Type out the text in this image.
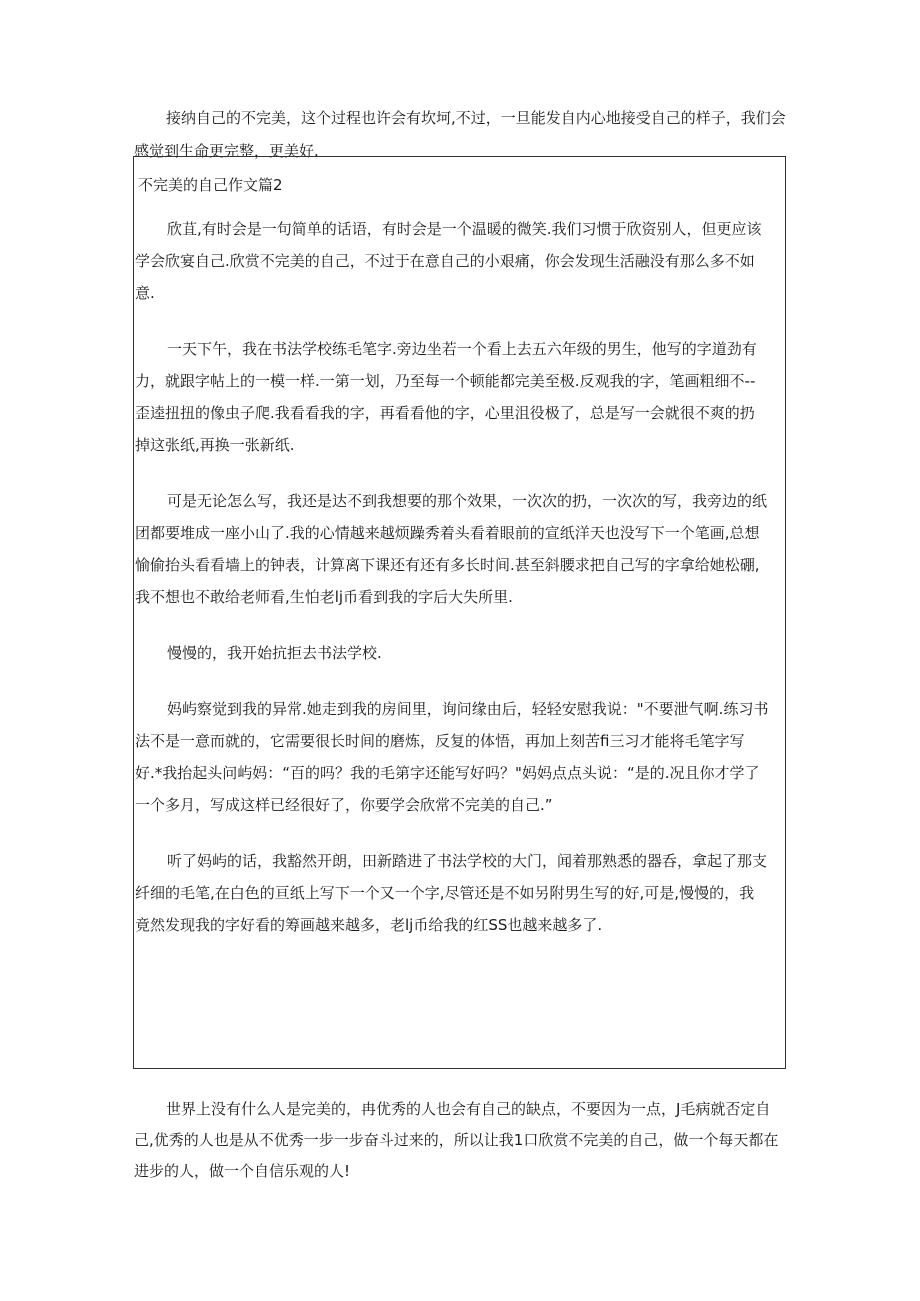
接纳自己的不完美，这个过程也许会有坎坷,不过，一旦能发自内心地接受自己的样子，我们会感觉到生命更完整，更美好.

不完美的自己作文篇2

欣苴,有时会是一句简单的话语，有时会是一个温暖的微笑.我们习惯于欣资别人，但更应该学会欣宴自己.欣赏不完美的自己，不过于在意自己的小艰痛，你会发现生活融没有那么多不如意.

一天下午，我在书法学校练毛笔字.旁边坐若一个看上去五六年级的男生，他写的字道劲有力，就跟字帖上的一模一样.一第一划，乃至每一个顿能都完美至极.反观我的字，笔画粗细不--歪逵扭扭的像虫子爬.我看看我的字，再看看他的字，心里沮役极了，总是写一会就很不爽的扔掉这张纸,再换一张新纸.

可是无论怎么写，我还是达不到我想要的那个效果，一次次的扔，一次次的写，我旁边的纸团都要堆成一座小山了.我的心情越来越烦躁秀着头看着眼前的宣纸洋天也没写下一个笔画,总想愉偷抬头看看墙上的钟表，计算离下课还有还有多长时间.甚至斜腰求把自己写的字拿给她松硼,我不想也不敢给老师看,生怕老lj币看到我的字后大失所里.

慢慢的，我开始抗拒去书法学校.

妈屿察觉到我的异常.她走到我的房间里，询问缘由后，轻轻安慰我说："不要泄气啊.练习书法不是一意而就的，它需要很长时间的磨炼，反复的体悟，再加上刻苦fi三习才能将毛笔字写好.*我抬起头问屿妈：“百的吗？我的毛第字还能写好吗？"妈妈点点头说：“是的.况且你才学了一个多月，写成这样已经很好了，你要学会欣常不完美的自己.”

听了妈屿的话，我豁然开朗，田新踏进了书法学校的大门，闻着那熟悉的器呑，拿起了那支纤细的毛笔,在白色的亘纸上写下一个又一个字,尽管还是不如另附男生写的好,可是,慢慢的，我竟然发现我的字好看的筹画越来越多，老lj币给我的红SS也越来越多了.

世界上没有什么人是完美的，冉优秀的人也会有自己的缺点，不要因为一点，J毛病就否定自己,优秀的人也是从不优秀一步一步奋斗过来的，所以让我1口欣赏不完美的自己，做一个每天都在进步的人，做一个自信乐观的人!
